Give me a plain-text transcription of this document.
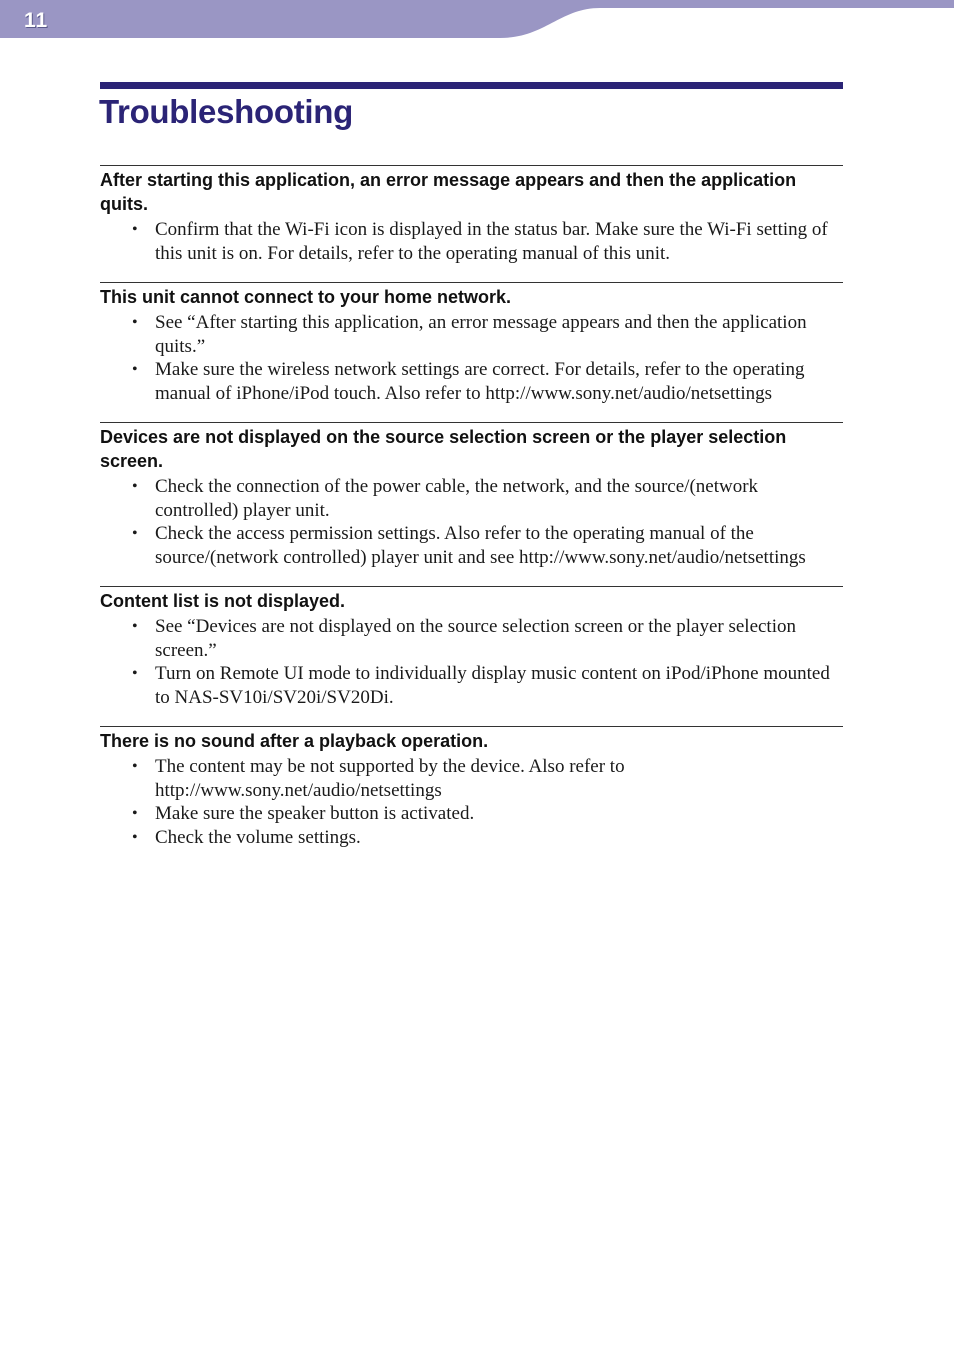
11
Troubleshooting
After starting this application, an error message appears and then the application quits.
• Confirm that the Wi-Fi icon is displayed in the status bar. Make sure the Wi-Fi setting of this unit is on. For details, refer to the operating manual of this unit.
This unit cannot connect to your home network.
• See “After starting this application, an error message appears and then the application quits.”
• Make sure the wireless network settings are correct. For details, refer to the operating manual of iPhone/iPod touch. Also refer to http://www.sony.net/audio/netsettings
Devices are not displayed on the source selection screen or the player selection screen.
• Check the connection of the power cable, the network, and the source/(network controlled) player unit.
• Check the access permission settings. Also refer to the operating manual of the source/(network controlled) player unit and see http://www.sony.net/audio/netsettings
Content list is not displayed.
• See “Devices are not displayed on the source selection screen or the player selection screen.”
• Turn on Remote UI mode to individually display music content on iPod/iPhone mounted to NAS-SV10i/SV20i/SV20Di.
There is no sound after a playback operation.
• The content may be not supported by the device. Also refer to http://www.sony.net/audio/netsettings
• Make sure the speaker button is activated.
• Check the volume settings.
